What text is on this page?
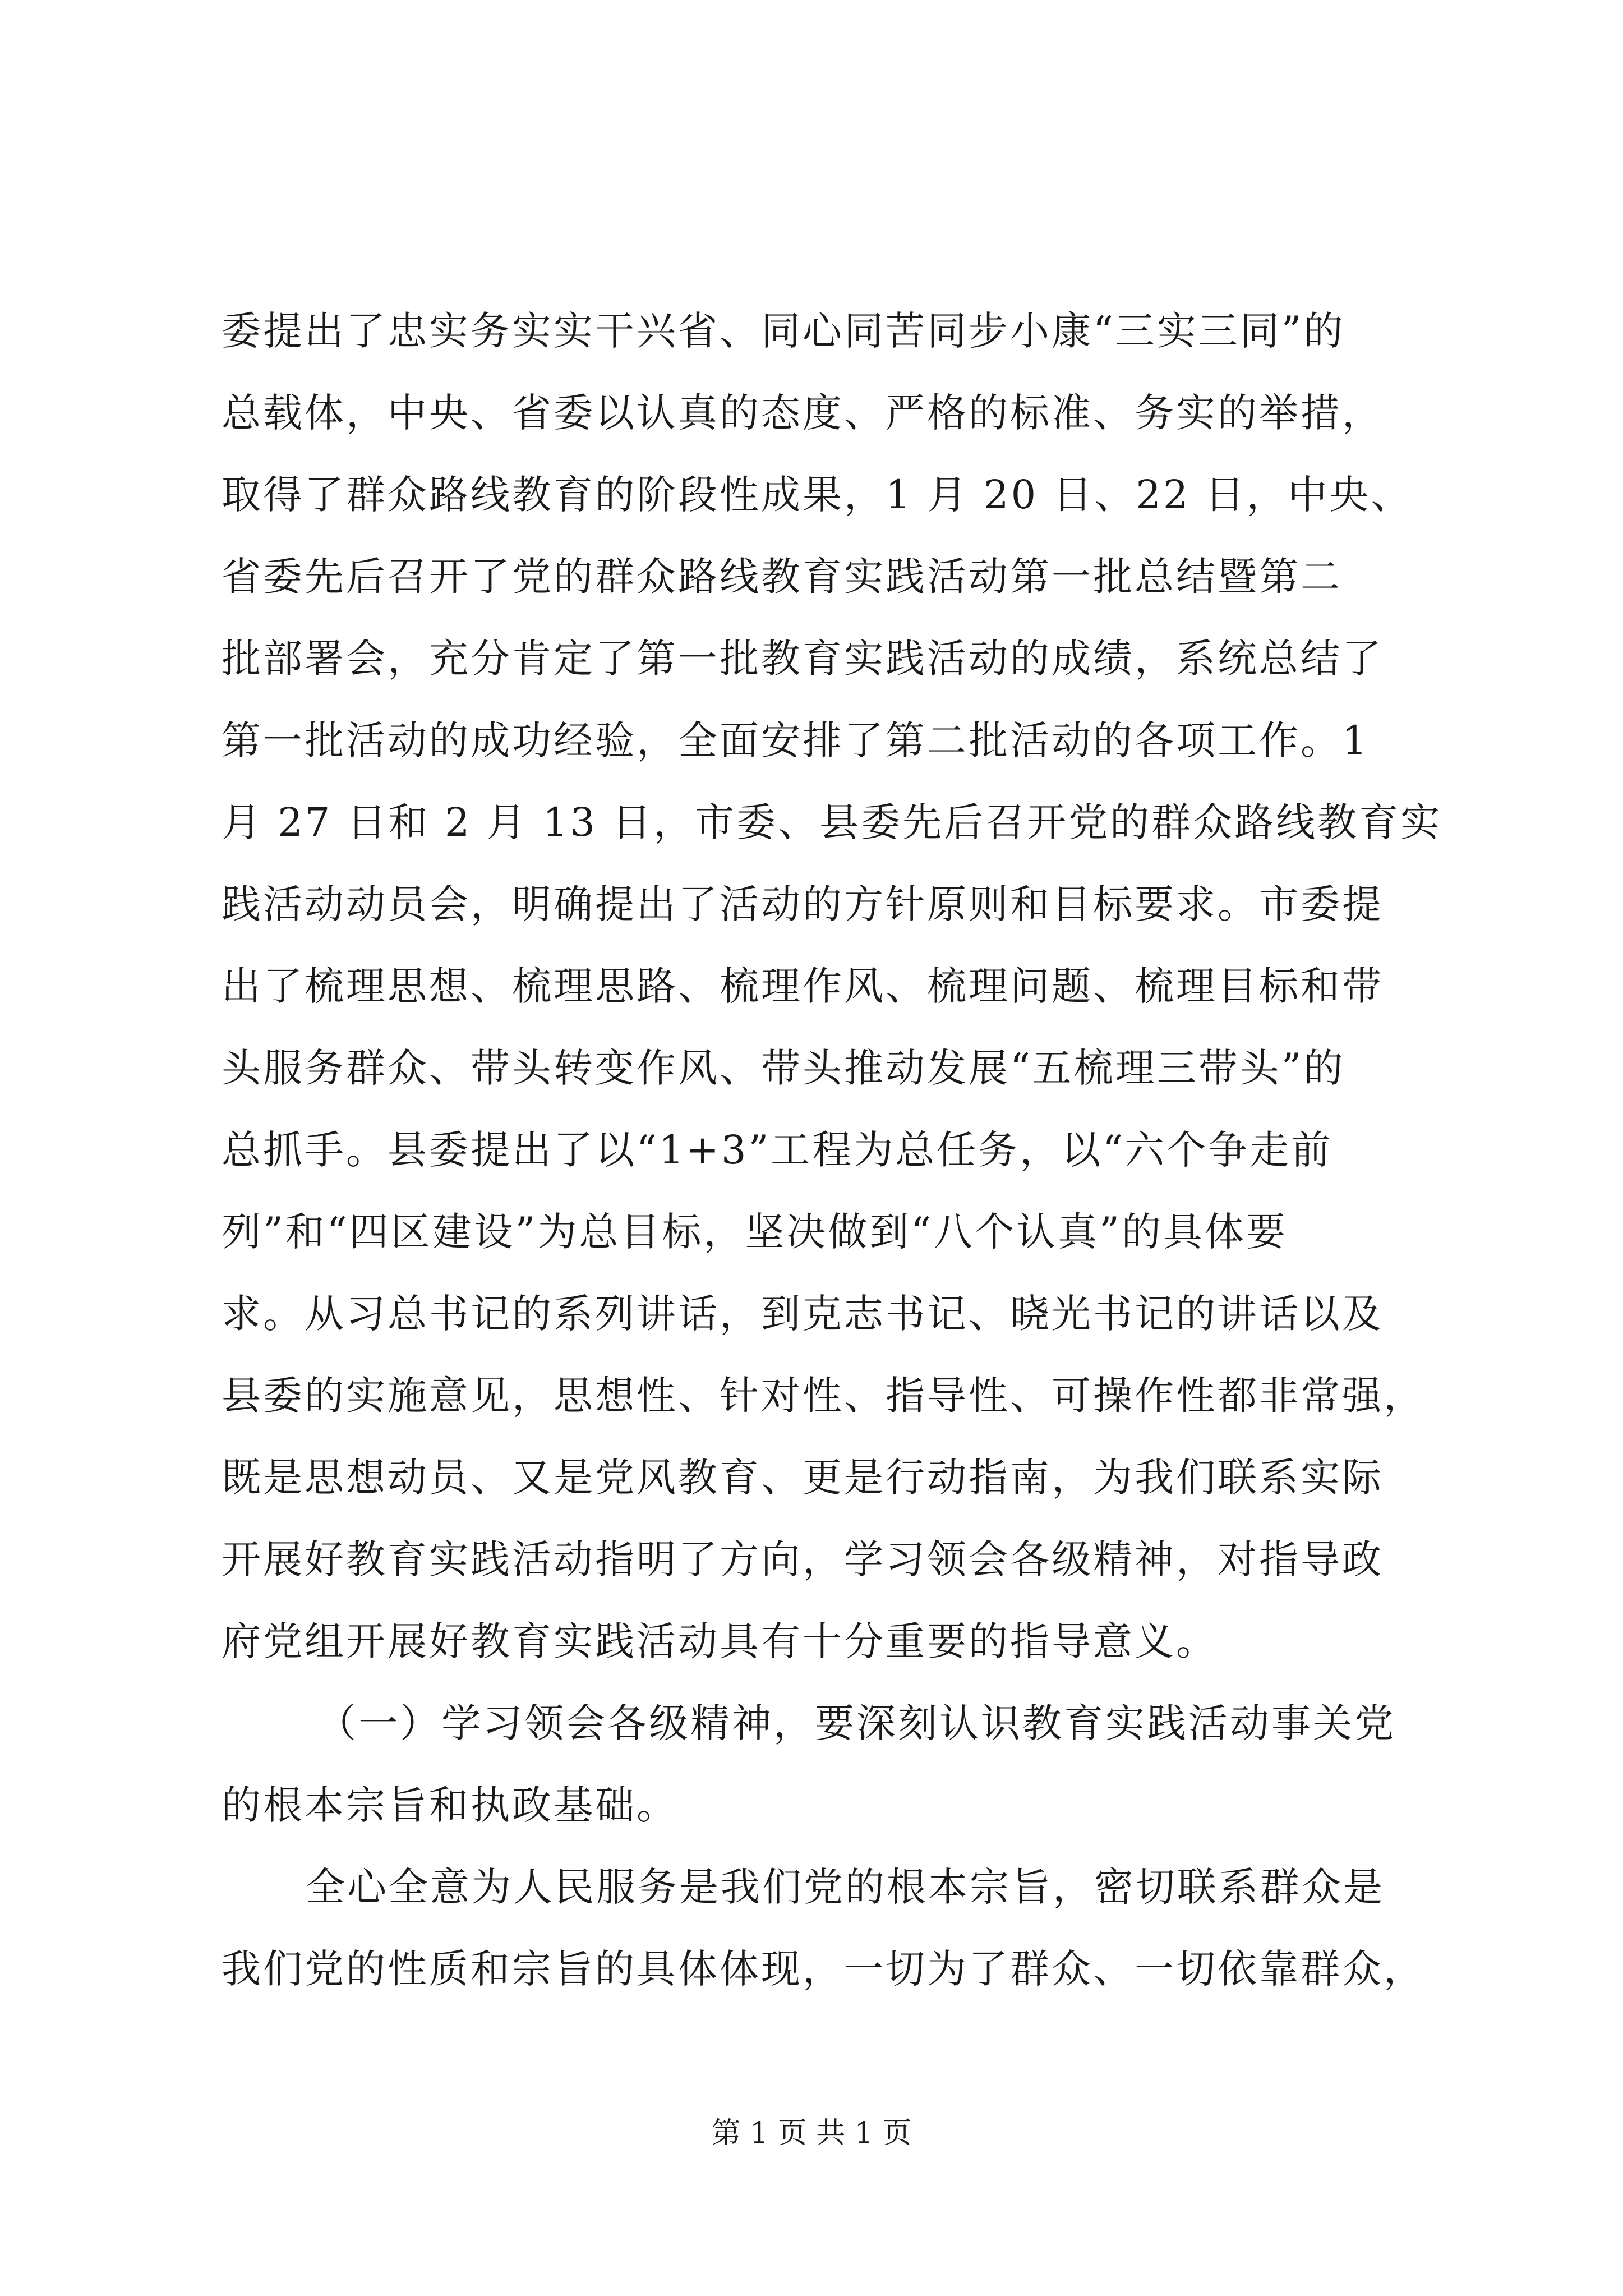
委提出了忠实务实实干兴省、同心同苦同步小康“三实三同”的
总载体，中央、省委以认真的态度、严格的标准、务实的举措，
取得了群众路线教育的阶段性成果，1 月 20 日、22 日，中央、
省委先后召开了党的群众路线教育实践活动第一批总结暨第二
批部署会，充分肯定了第一批教育实践活动的成绩，系统总结了
第一批活动的成功经验，全面安排了第二批活动的各项工作。1
月 27 日和 2 月 13 日，市委、县委先后召开党的群众路线教育实
践活动动员会，明确提出了活动的方针原则和目标要求。市委提
出了梳理思想、梳理思路、梳理作风、梳理问题、梳理目标和带
头服务群众、带头转变作风、带头推动发展“五梳理三带头”的
总抓手。县委提出了以“1+3”工程为总任务，以“六个争走前
列”和“四区建设”为总目标，坚决做到“八个认真”的具体要
求。从习总书记的系列讲话，到克志书记、晓光书记的讲话以及
县委的实施意见，思想性、针对性、指导性、可操作性都非常强，
既是思想动员、又是党风教育、更是行动指南，为我们联系实际
开展好教育实践活动指明了方向，学习领会各级精神，对指导政
府党组开展好教育实践活动具有十分重要的指导意义。
（一）学习领会各级精神，要深刻认识教育实践活动事关党
的根本宗旨和执政基础。
全心全意为人民服务是我们党的根本宗旨，密切联系群众是
我们党的性质和宗旨的具体体现，一切为了群众、一切依靠群众，
第 1 页 共 1 页
